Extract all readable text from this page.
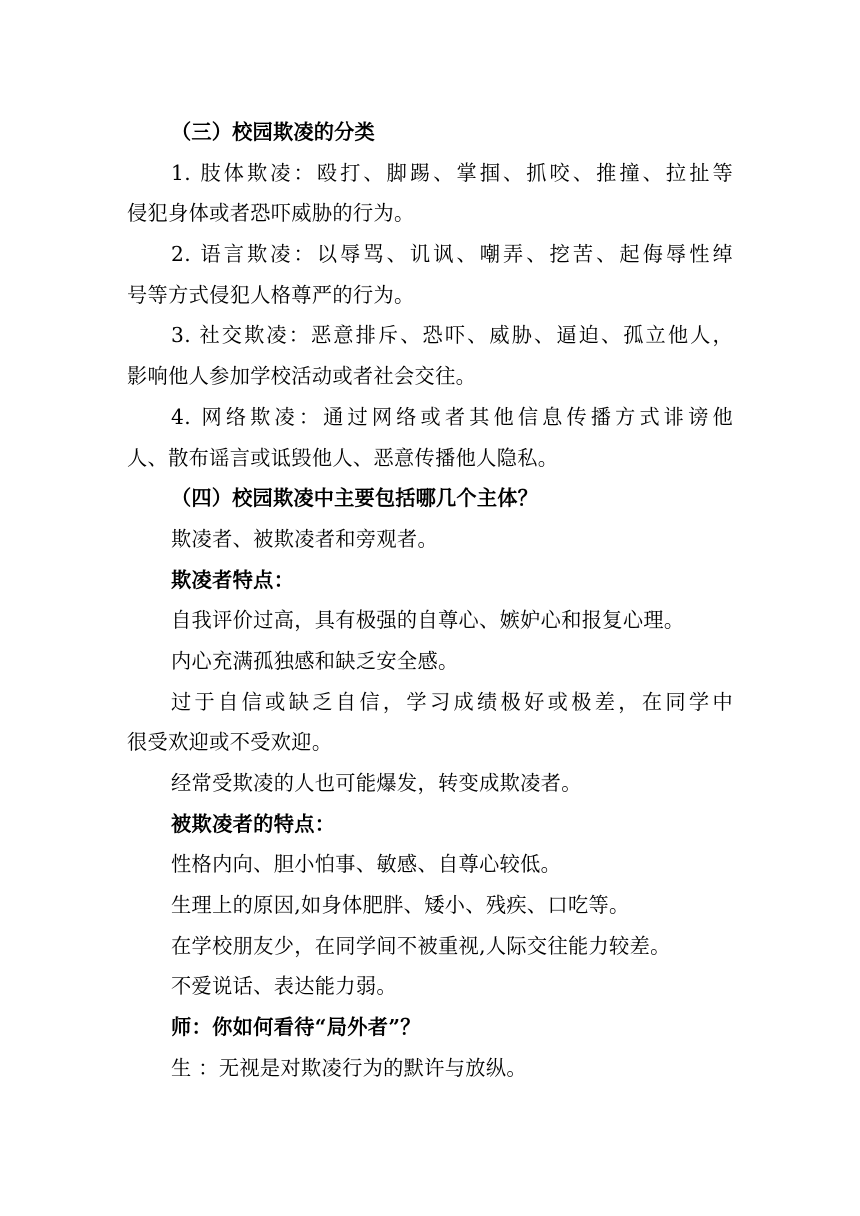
（三）校园欺凌的分类
1. 肢体欺凌：殴打、脚踢、掌掴、抓咬、推撞、拉扯等
侵犯身体或者恐吓威胁的行为。
2. 语言欺凌：以辱骂、讥讽、嘲弄、挖苦、起侮辱性绰
号等方式侵犯人格尊严的行为。
3. 社交欺凌：恶意排斥、恐吓、威胁、逼迫、孤立他人，
影响他人参加学校活动或者社会交往。
4. 网络欺凌：通过网络或者其他信息传播方式诽谤他
人、散布谣言或诋毁他人、恶意传播他人隐私。
（四）校园欺凌中主要包括哪几个主体？
欺凌者、被欺凌者和旁观者。
欺凌者特点：
自我评价过高，具有极强的自尊心、嫉妒心和报复心理。
内心充满孤独感和缺乏安全感。
过于自信或缺乏自信，学习成绩极好或极差，在同学中
很受欢迎或不受欢迎。
经常受欺凌的人也可能爆发，转变成欺凌者。
被欺凌者的特点：
性格内向、胆小怕事、敏感、自尊心较低。
生理上的原因,如身体肥胖、矮小、残疾、口吃等。
在学校朋友少，在同学间不被重视,人际交往能力较差。
不爱说话、表达能力弱。
师：你如何看待“局外者”？
生 ：无视是对欺凌行为的默许与放纵。
